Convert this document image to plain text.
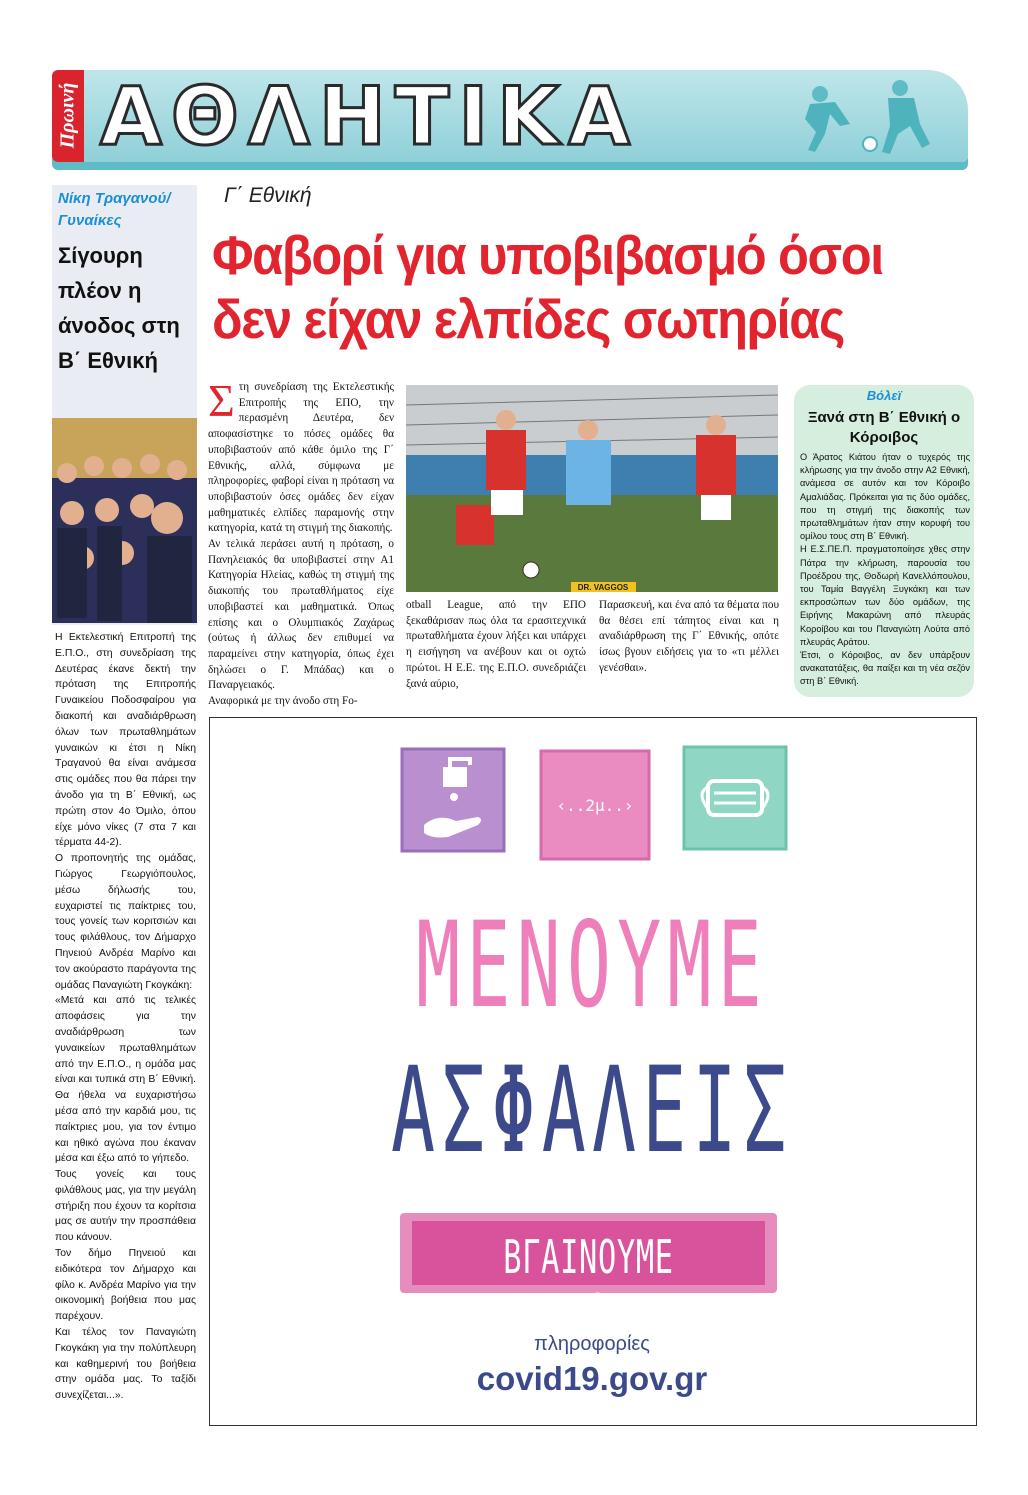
Πρωινή ΑΘΛΗΤΙΚΑ
Νίκη Τραγανού/ Γυναίκες
Σίγουρη πλέον η άνοδος στη Β΄ Εθνική

Η Εκτελεστική Επιτροπή της Ε.Π.Ο., στη συνεδρίαση της Δευτέρας έκανε δεκτή την πρόταση της Επιτροπής Γυναικείου Ποδοσφαίρου για διακοπή και αναδιάρθρωση όλων των πρωταθλημάτων γυναικών κι έτσι η Νίκη Τραγανού θα είναι ανάμεσα στις ομάδες που θα πάρει την άνοδο για τη Β΄ Εθνική, ως πρώτη στον 4ο Όμιλο, όπου είχε μόνο νίκες (7 στα 7 και τέρματα 44-2).

Ο προπονητής της ομάδας, Γιώργος Γεωργιόπουλος, μέσω δήλωσής του, ευχαριστεί τις παίκτριες του, τους γονείς των κοριτσιών και τους φιλάθλους, τον Δήμαρχο Πηνειού Ανδρέα Μαρίνο και τον ακούραστο παράγοντα της ομάδας Παναγιώτη Γκογκάκη:

«Μετά και από τις τελικές αποφάσεις για την αναδιάρθρωση των γυναικείων πρωταθλημάτων από την Ε.Π.Ο., η ομάδα μας είναι και τυπικά στη Β΄ Εθνική. Θα ήθελα να ευχαριστήσω μέσα από την καρδιά μου, τις παίκτριες μου, για τον έντιμο και ηθικό αγώνα που έκαναν μέσα και έξω από το γήπεδο.

Τους γονείς και τους φιλάθλους μας, για την μεγάλη στήριξη που έχουν τα κορίτσια μας σε αυτήν την προσπάθεια που κάνουν.

Τον δήμο Πηνειού και ειδικότερα τον Δήμαρχο και φίλο κ. Ανδρέα Μαρίνο για την οικονομική βοήθεια που μας παρέχουν.

Και τέλος τον Παναγιώτη Γκογκάκη για την πολύπλευρη και καθημερινή του βοήθεια στην ομάδα μας. Το ταξίδι συνεχίζεται...».

Γ΄ Εθνική
Φαβορί για υποβιβασμό όσοι δεν είχαν ελπίδες σωτηρίας
Σ τη συνεδρίαση της Εκτελεστικής Επιτροπής της ΕΠΟ, την περασμένη Δευτέρα, δεν αποφασίστηκε το πόσες ομάδες θα υποβιβαστούν από κάθε όμιλο της Γ΄ Εθνικής, αλλά, σύμφωνα με πληροφορίες, φαβορί είναι η πρόταση να υποβιβαστούν όσες ομάδες δεν είχαν μαθηματικές ελπίδες παραμονής στην κατηγορία, κατά τη στιγμή της διακοπής.

Αν τελικά περάσει αυτή η πρόταση, ο Πανηλειακός θα υποβιβαστεί στην Α1 Κατηγορία Ηλείας, καθώς τη στιγμή της διακοπής του πρωταθλήματος είχε υποβιβαστεί και μαθηματικά. Όπως επίσης και ο Ολυμπιακός Ζαχάρως (ούτως ή άλλως δεν επιθυμεί να παραμείνει στην κατηγορία, όπως έχει δηλώσει ο Γ. Μπάδας) και ο Παναργειακός.

Αναφορικά με την άνοδο στη Fo-

DR. VAGGOS

otball League, από την ΕΠΟ ξεκαθάρισαν πως όλα τα ερασιτεχνικά πρωταθλήματα έχουν λήξει και υπάρχει η εισήγηση να ανέβουν και οι οχτώ πρώτοι. Η Ε.Ε. της Ε.Π.Ο. συνεδριάζει ξανά αύριο,

Παρασκευή, και ένα από τα θέματα που θα θέσει επί τάπητος είναι και η αναδιάρθρωση της Γ΄ Εθνικής, οπότε ίσως βγουν ειδήσεις για το «τι μέλλει γενέσθαι».

Βόλεϊ
Ξανά στη Β΄ Εθνική ο Κόροιβος

Ο Άρατος Κιάτου ήταν ο τυχερός της κλήρωσης για την άνοδο στην Α2 Εθνική, ανάμεσα σε αυτόν και τον Κόροιβο Αμαλιάδας. Πρόκειται για τις δύο ομάδες, που τη στιγμή της διακοπής των πρωταθλημάτων ήταν στην κορυφή του ομίλου τους στη Β΄ Εθνική.

Η Ε.Σ.ΠΕ.Π. πραγματοποίησε χθες στην Πάτρα την κλήρωση, παρουσία του Προέδρου της, Θοδωρή Κανελλόπουλου, του Ταμία Βαγγέλη Ξυγκάκη και των εκπροσώπων των δύο ομάδων, της Ειρήνης Μακαρώνη από πλευράς Κορoίβου και του Παναγιώτη Λούτα από πλευράς Αράτου.

Έτσι, ο Κόροιβος, αν δεν υπάρξουν ανακατατάξεις, θα παίξει και τη νέα σεζόν στη Β΄ Εθνική.

‹..2μ..›
ΜΕΝΟΥΜΕ
ΑΣΦΑΛΕΙΣ
ΒΓΑΙΝΟΥΜΕ ΥΠΕΥΘΥΝΑ
πληροφορίες
covid19.gov.gr
